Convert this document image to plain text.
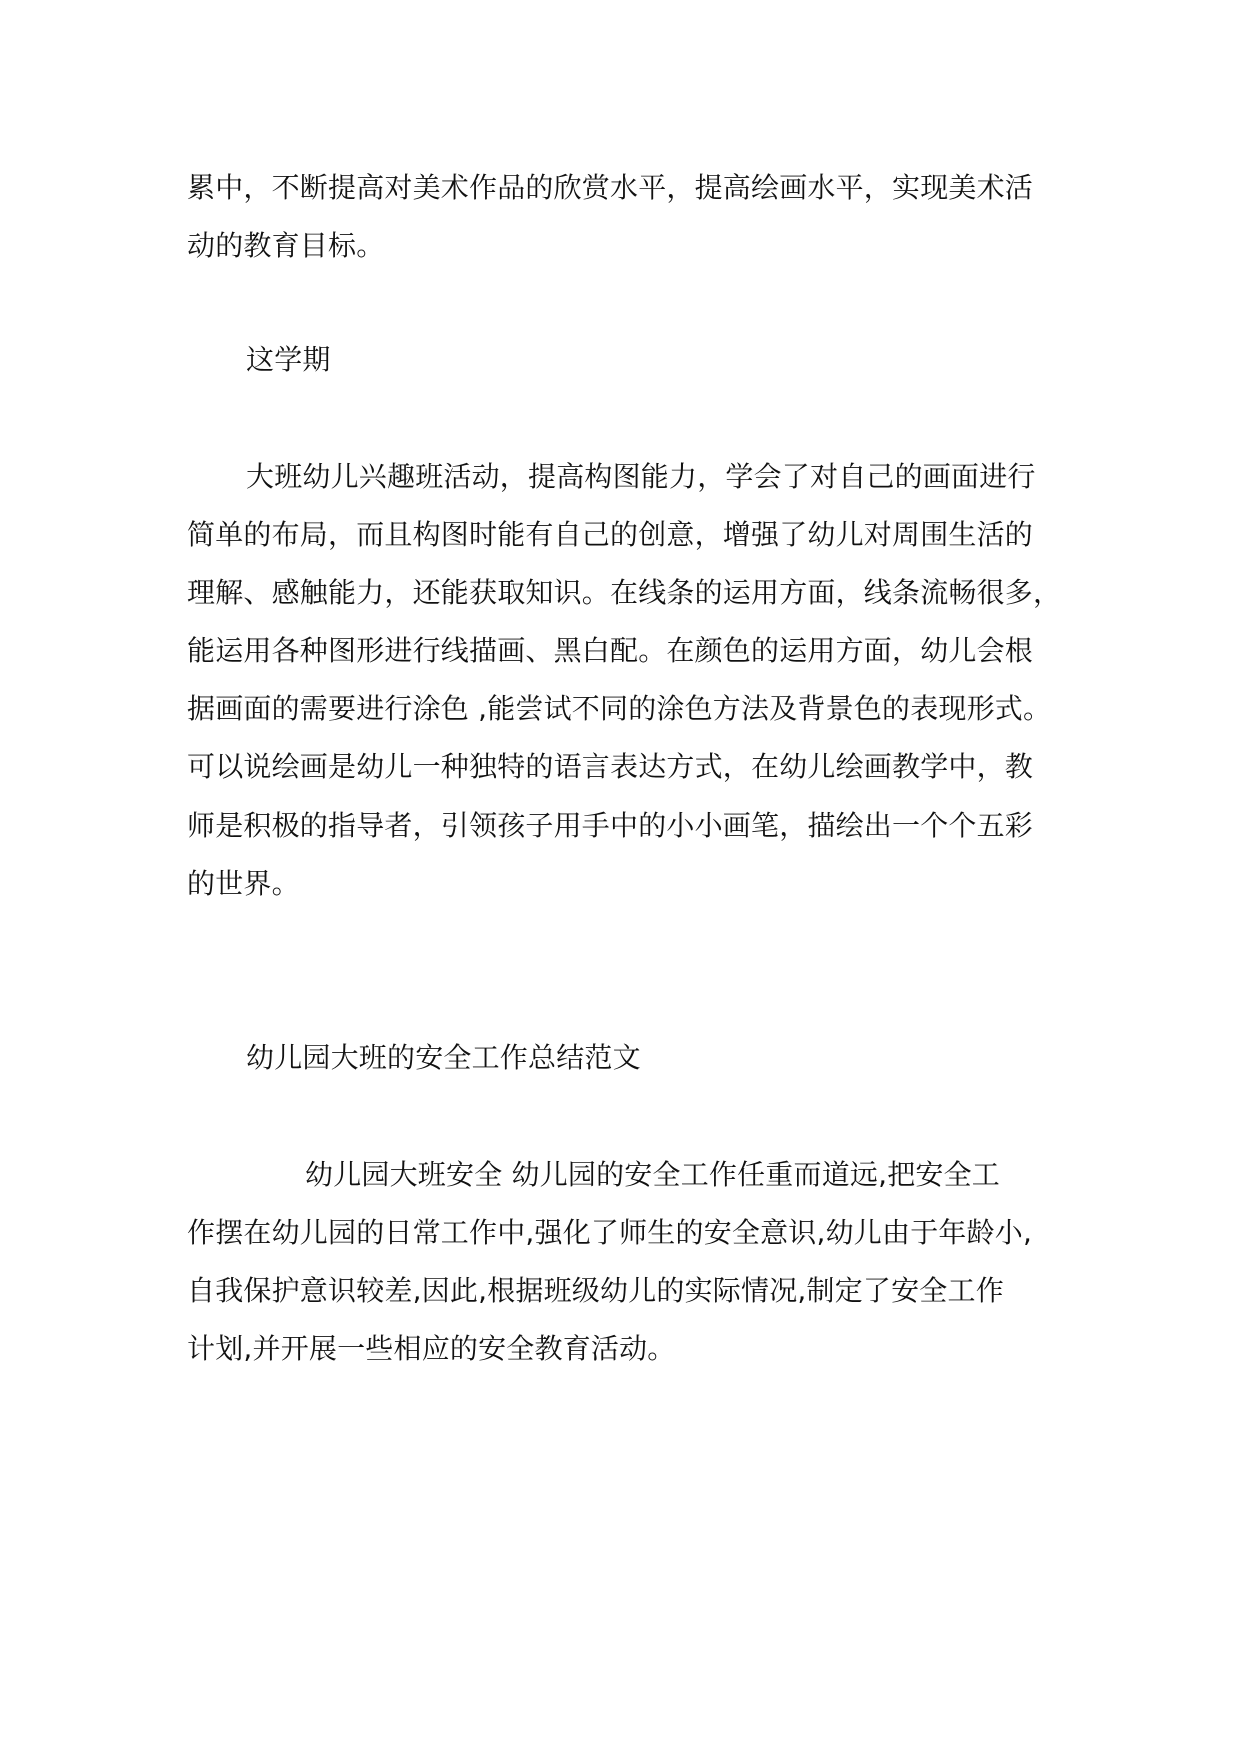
累中，不断提高对美术作品的欣赏水平，提高绘画水平，实现美术活
动的教育目标。
这学期
大班幼儿兴趣班活动，提高构图能力，学会了对自己的画面进行
简单的布局，而且构图时能有自己的创意，增强了幼儿对周围生活的
理解、感触能力，还能获取知识。在线条的运用方面，线条流畅很多，
能运用各种图形进行线描画、黑白配。在颜色的运用方面，幼儿会根
据画面的需要进行涂色 ,能尝试不同的涂色方法及背景色的表现形式。
可以说绘画是幼儿一种独特的语言表达方式，在幼儿绘画教学中，教
师是积极的指导者，引领孩子用手中的小小画笔，描绘出一个个五彩
的世界。
幼儿园大班的安全工作总结范文
幼儿园大班安全 幼儿园的安全工作任重而道远,把安全工
作摆在幼儿园的日常工作中,强化了师生的安全意识,幼儿由于年龄小,
自我保护意识较差,因此,根据班级幼儿的实际情况,制定了安全工作
计划,并开展一些相应的安全教育活动。
